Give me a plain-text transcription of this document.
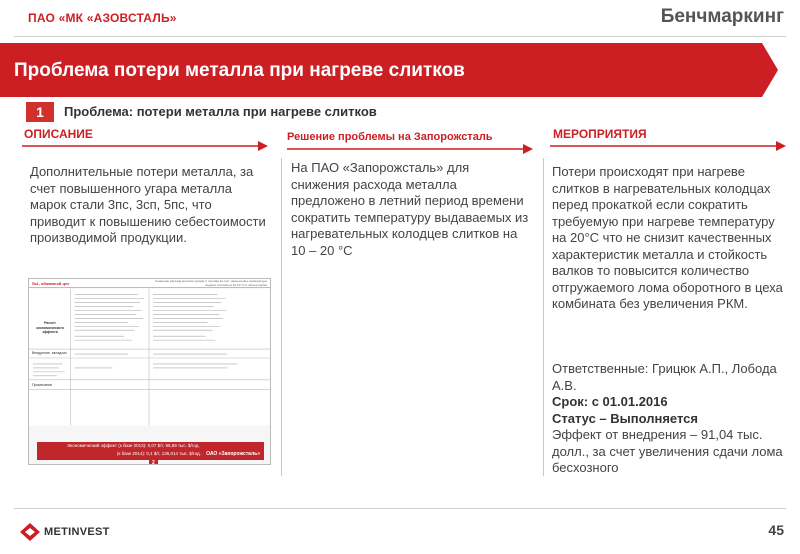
ПАО «МК «АЗОВСТАЛЬ»	Бенчмаркинг
Проблема потери металла при нагреве слитков
1	Проблема: потери металла при нагреве слитков
ОПИСАНИЕ	Решение проблемы на Запорожсталь	МЕРОПРИЯТИЯ
Дополнительные потери металла, за счет повышенного угара металла марок стали 3пс, 3сп, 5пс, что приводит к повышению себестоимости производимой продукции.
На ПАО «Запорожсталь» для снижения расхода металла предложено в летний период времени сократить температуру выдаваемых из нагревательных колодцев слитков на 10 – 20 °С
Потери происходят при нагреве слитков в нагревательных колодцах перед прокаткой если сократить требуемую при нагреве температуру на 20°С что не снизит качественных характеристик металла и стойкость валков то повысится количество отгружаемого лома оборотного в цеха комбината без увеличения РКМ.
№1, обжимной цех	Снижение расхода металла (угара) и топлива за счет уменьшения температуры выдачи слитков на 10-20 °С в летнее время
Расчет экономического эффекта
Внедрение, вкладчик
Примечание
Экономический эффект (к базе 2013): 0,07 $/т, 95,89 тыс. $/год.
(к базе 2014): 0,1 $/т, 136,014 тыс. $/год. ОАО «Запорожсталь»
2
Ответственные: Грицюк А.П., Лобода А.В.
Срок: с 01.01.2016
Статус – Выполняется
Эффект от внедрения – 91,04 тыс. долл., за счет увеличения сдачи лома бесхозного
METINVEST	45
